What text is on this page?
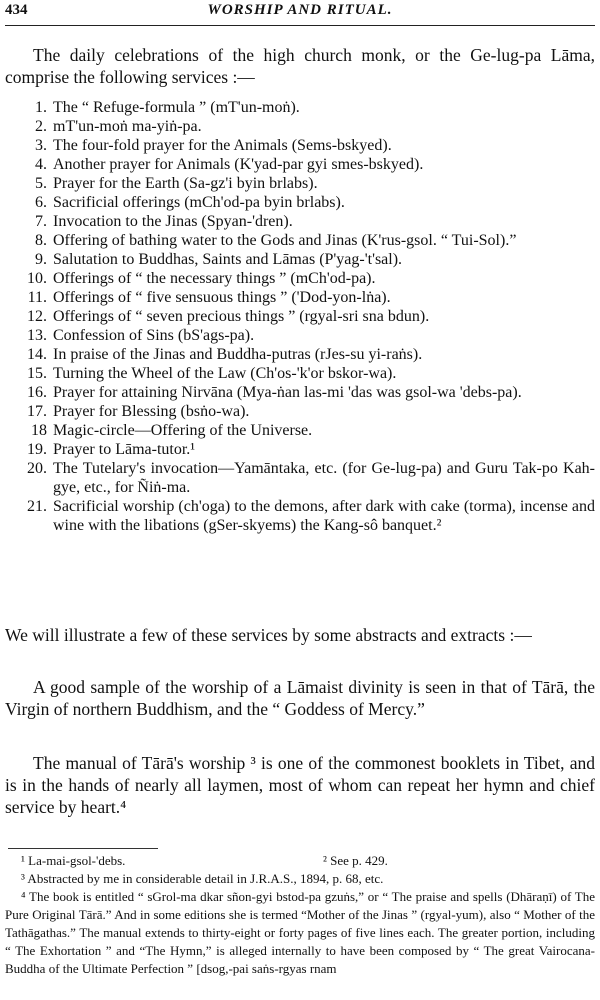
434	WORSHIP AND RITUAL.

The daily celebrations of the high church monk, or the Ge-lug-pa Lāma, comprise the following services :—

1. The “ Refuge-formula ” (mT'un-moṅ).
2. mT'un-moṅ ma-yiṅ-pa.
3. The four-fold prayer for the Animals (Sems-bskyed).
4. Another prayer for Animals (K'yad-par gyi smes-bskyed).
5. Prayer for the Earth (Sa-gz'i byin brlabs).
6. Sacrificial offerings (mCh'od-pa byin brlabs).
7. Invocation to the Jinas (Spyan-'dren).
8. Offering of bathing water to the Gods and Jinas (K'rus-gsol. “ Tui-Sol).”
9. Salutation to Buddhas, Saints and Lāmas (P'yag-'t'sal).
10. Offerings of “ the necessary things ” (mCh'od-pa).
11. Offerings of “ five sensuous things ” ('Dod-yon-lṅa).
12. Offerings of “ seven precious things ” (rgyal-sri sna bdun).
13. Confession of Sins (bS'ags-pa).
14. In praise of the Jinas and Buddha-putras (rJes-su yi-raṅs).
15. Turning the Wheel of the Law (Ch'os-'k'or bskor-wa).
16. Prayer for attaining Nirvāna (Mya-ṅan las-mi 'das was gsol-wa 'debs-pa).
17. Prayer for Blessing (bsṅo-wa).
18 Magic-circle—Offering of the Universe.
19. Prayer to Lāma-tutor.¹
20. The Tutelary's invocation—Yamāntaka, etc. (for Ge-lug-pa) and Guru Tak-po Kah-gye, etc., for Ñiṅ-ma.
21. Sacrificial worship (ch'oga) to the demons, after dark with cake (torma), incense and wine with the libations (gSer-skyems) the Kang-sô banquet.²

We will illustrate a few of these services by some abstracts and extracts :—

A good sample of the worship of a Lāmaist divinity is seen in that of Tārā, the Virgin of northern Buddhism, and the “ Goddess of Mercy.”

The manual of Tārā's worship ³ is one of the commonest booklets in Tibet, and is in the hands of nearly all laymen, most of whom can repeat her hymn and chief service by heart.⁴

¹ La-mai-gsol-'debs.	² See p. 429.

³ Abstracted by me in considerable detail in J.R.A.S., 1894, p. 68, etc.

⁴ The book is entitled “ sGrol-ma dkar sñon-gyi bstod-pa gzuṅs,” or “ The praise and spells (Dhāraṇī) of The Pure Original Tārā.” And in some editions she is termed “Mother of the Jinas ” (rgyal-yum), also “ Mother of the Tathāgathas.” The manual extends to thirty-eight or forty pages of five lines each. The greater portion, including “ The Exhortation ” and “The Hymn,” is alleged internally to have been composed by “ The great Vairocana-Buddha of the Ultimate Perfection ” [dsog,-pai saṅs-rgyas rnam
